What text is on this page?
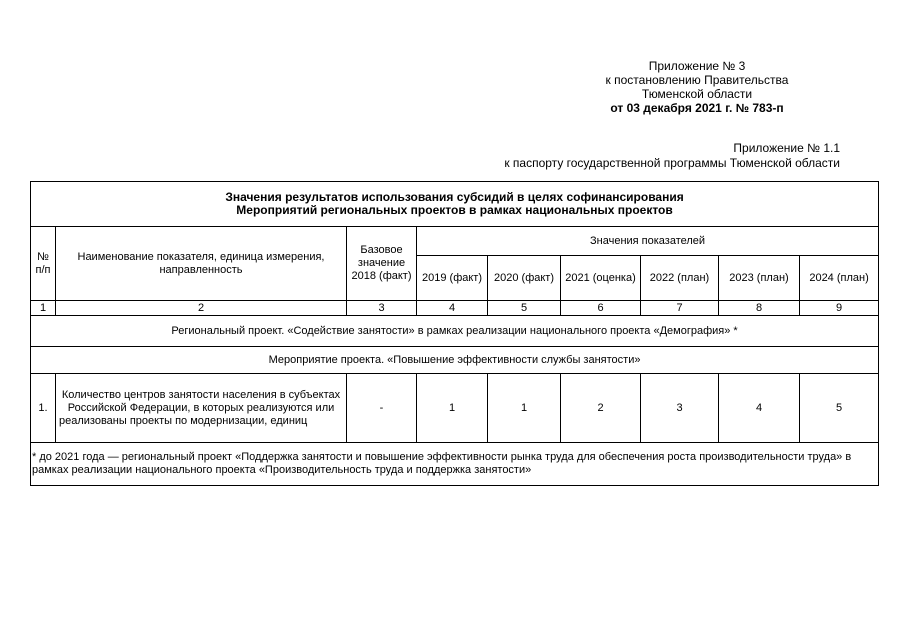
Приложение № 3
к постановлению Правительства
Тюменской области
от 03 декабря 2021 г. № 783-п
Приложение № 1.1
к паспорту государственной программы Тюменской области
Значения результатов использования субсидий в целях софинансирования
Мероприятий региональных проектов в рамках национальных проектов								

№ п/п	Наименование показателя, единица измерения, направленность	Базовое значение 2018 (факт)	Значения показателей					
			2019 (факт)	2020 (факт)	2021 (оценка)	2022 (план)	2023 (план)	2024 (план)
1	2	3	4	5	6	7	8	9
Региональный проект. «Содействие занятости» в рамках реализации национального проекта «Демография» *								
Мероприятие проекта. «Повышение эффективности службы занятости»								
1.	Количество центров занятости населения в субъектах Российской Федерации, в которых реализуются или реализованы проекты по модернизации, единиц	-	1	1	2	3	4	5
* до 2021 года — региональный проект «Поддержка занятости и повышение эффективности рынка труда для обеспечения роста производительности труда» в рамках реализации национального проекта «Производительность труда и поддержка занятости»								
